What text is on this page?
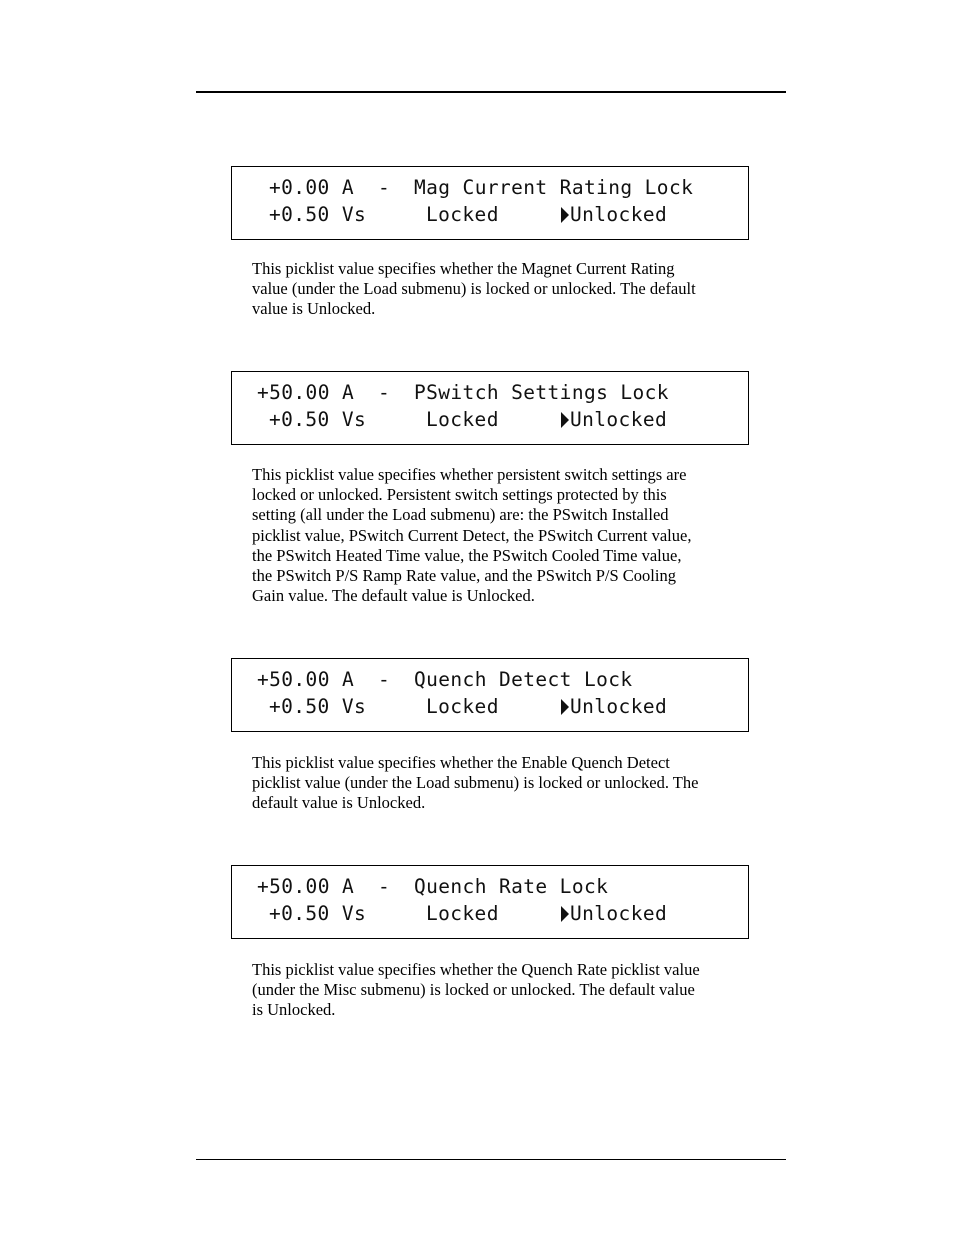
+0.00 A - Mag Current Rating Lock
+0.50 Vs	Locked	Unlocked

This picklist value specifies whether the Magnet Current Rating
value (under the Load submenu) is locked or unlocked. The default
value is Unlocked.

+50.00 A - PSwitch Settings Lock
+0.50 Vs	Locked	Unlocked

This picklist value specifies whether persistent switch settings are
locked or unlocked. Persistent switch settings protected by this
setting (all under the Load submenu) are: the PSwitch Installed
picklist value, PSwitch Current Detect, the PSwitch Current value,
the PSwitch Heated Time value, the PSwitch Cooled Time value,
the PSwitch P/S Ramp Rate value, and the PSwitch P/S Cooling
Gain value. The default value is Unlocked.

+50.00 A - Quench Detect Lock
+0.50 Vs	Locked	Unlocked

This picklist value specifies whether the Enable Quench Detect
picklist value (under the Load submenu) is locked or unlocked. The
default value is Unlocked.

+50.00 A - Quench Rate Lock
+0.50 Vs	Locked	Unlocked

This picklist value specifies whether the Quench Rate picklist value
(under the Misc submenu) is locked or unlocked. The default value
is Unlocked.
